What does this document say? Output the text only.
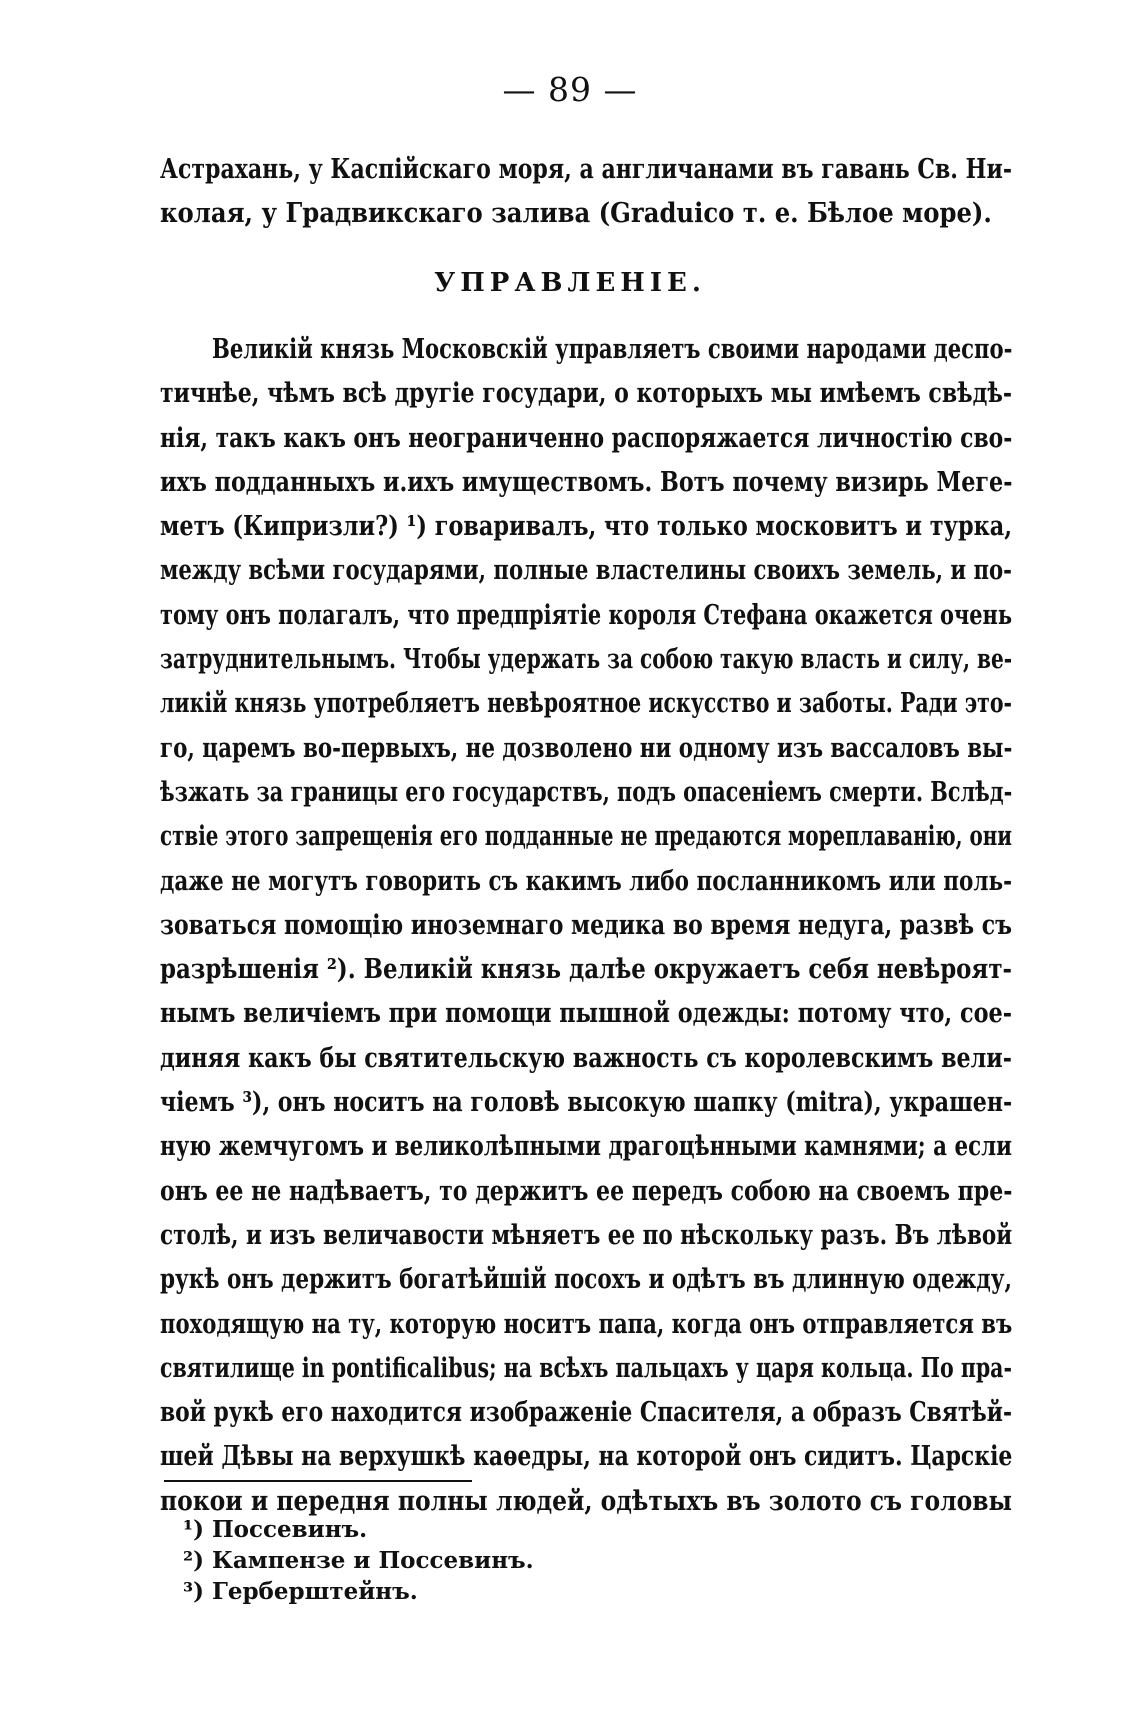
— 89 —
Астрахань, у Каспійскаго моря, а англичанами въ гавань Св. Ни-
колая, у Градвикскаго залива (Graduico т. е. Бѣлое море).
УПРАВЛЕНІЕ.
Великій князь Московскій управляетъ своими народами деспо-
тичнѣе, чѣмъ всѣ другіе государи, о которыхъ мы имѣемъ свѣдѣ-
нія, такъ какъ онъ неограниченно распоряжается личностію сво-
ихъ подданныхъ и.ихъ имуществомъ. Вотъ почему визирь Мегe-
метъ (Кипризли?) ¹) говаривалъ, что только московитъ и турка,
между всѣми государями, полные властелины своихъ земель, и по-
тому онъ полагалъ, что предпріятіе короля Стефана окажется очень
затруднительнымъ. Чтобы удержать за собою такую власть и силу, ве-
ликій князь употребляетъ невѣроятное искусство и заботы. Ради это-
го, царемъ во-первыхъ, не дозволено ни одному изъ вассаловъ вы-
ѣзжать за границы его государствъ, подъ опасеніемъ смерти. Вслѣд-
ствіе этого запрещенія его подданные не предаются мореплаванію, они
даже не могутъ говорить съ какимъ либо посланникомъ или поль-
зоваться помощію иноземнаго медика во время недуга, развѣ съ
разрѣшенія ²). Великій князь далѣе окружаетъ себя невѣроят-
нымъ величіемъ при помощи пышной одежды: потому что, сое-
диняя какъ бы святительскую важность съ королевскимъ вели-
чіемъ ³), онъ носитъ на головѣ высокую шапку (mitra), украшен-
ную жемчугомъ и великолѣпными драгоцѣнными камнями; а если
онъ ее не надѣваетъ, то держитъ ее передъ собою на своемъ пре-
столѣ, и изъ величавости мѣняетъ ее по нѣскольку разъ. Въ лѣвой
рукѣ онъ держитъ богатѣйшій посохъ и одѣтъ въ длинную одежду,
походящую на ту, которую носитъ папа, когда онъ отправляется въ
святилище in pontificalibus; на всѣхъ пальцахъ у царя кольца. По пра-
вой рукѣ его находится изображеніе Спасителя, а образъ Святѣй-
шей Дѣвы на верхушкѣ каѳедры, на которой онъ сидитъ. Царскіе
покои и передня полны людей, одѣтыхъ въ золото съ головы
¹) Поссевинъ.
²) Кампензе и Поссевинъ.
³) Герберштейнъ.
